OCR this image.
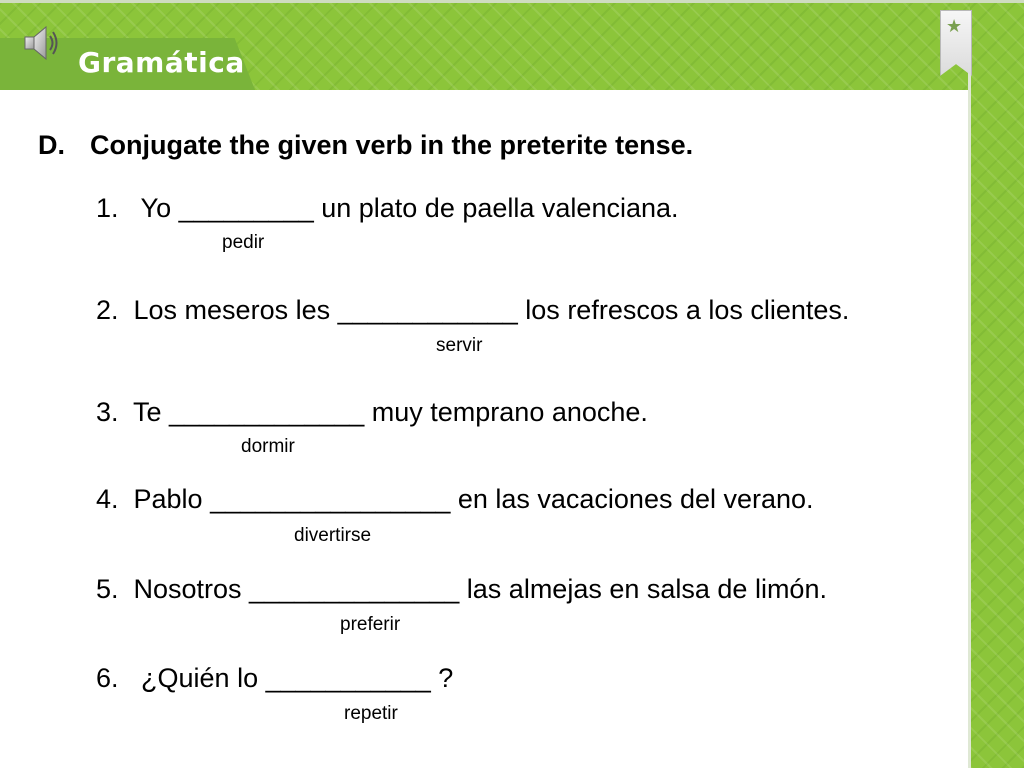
Gramática
★
D. Conjugate the given verb in the preterite tense.
1.   Yo _________ un plato de paella valenciana.
pedir
2.  Los meseros les ____________ los refrescos a los clientes.
servir
3.  Te _____________ muy temprano anoche.
dormir
4.  Pablo ________________ en las vacaciones del verano.
divertirse
5.  Nosotros ______________ las almejas en salsa de limón.
preferir
6.   ¿Quién lo ___________ ?
repetir
